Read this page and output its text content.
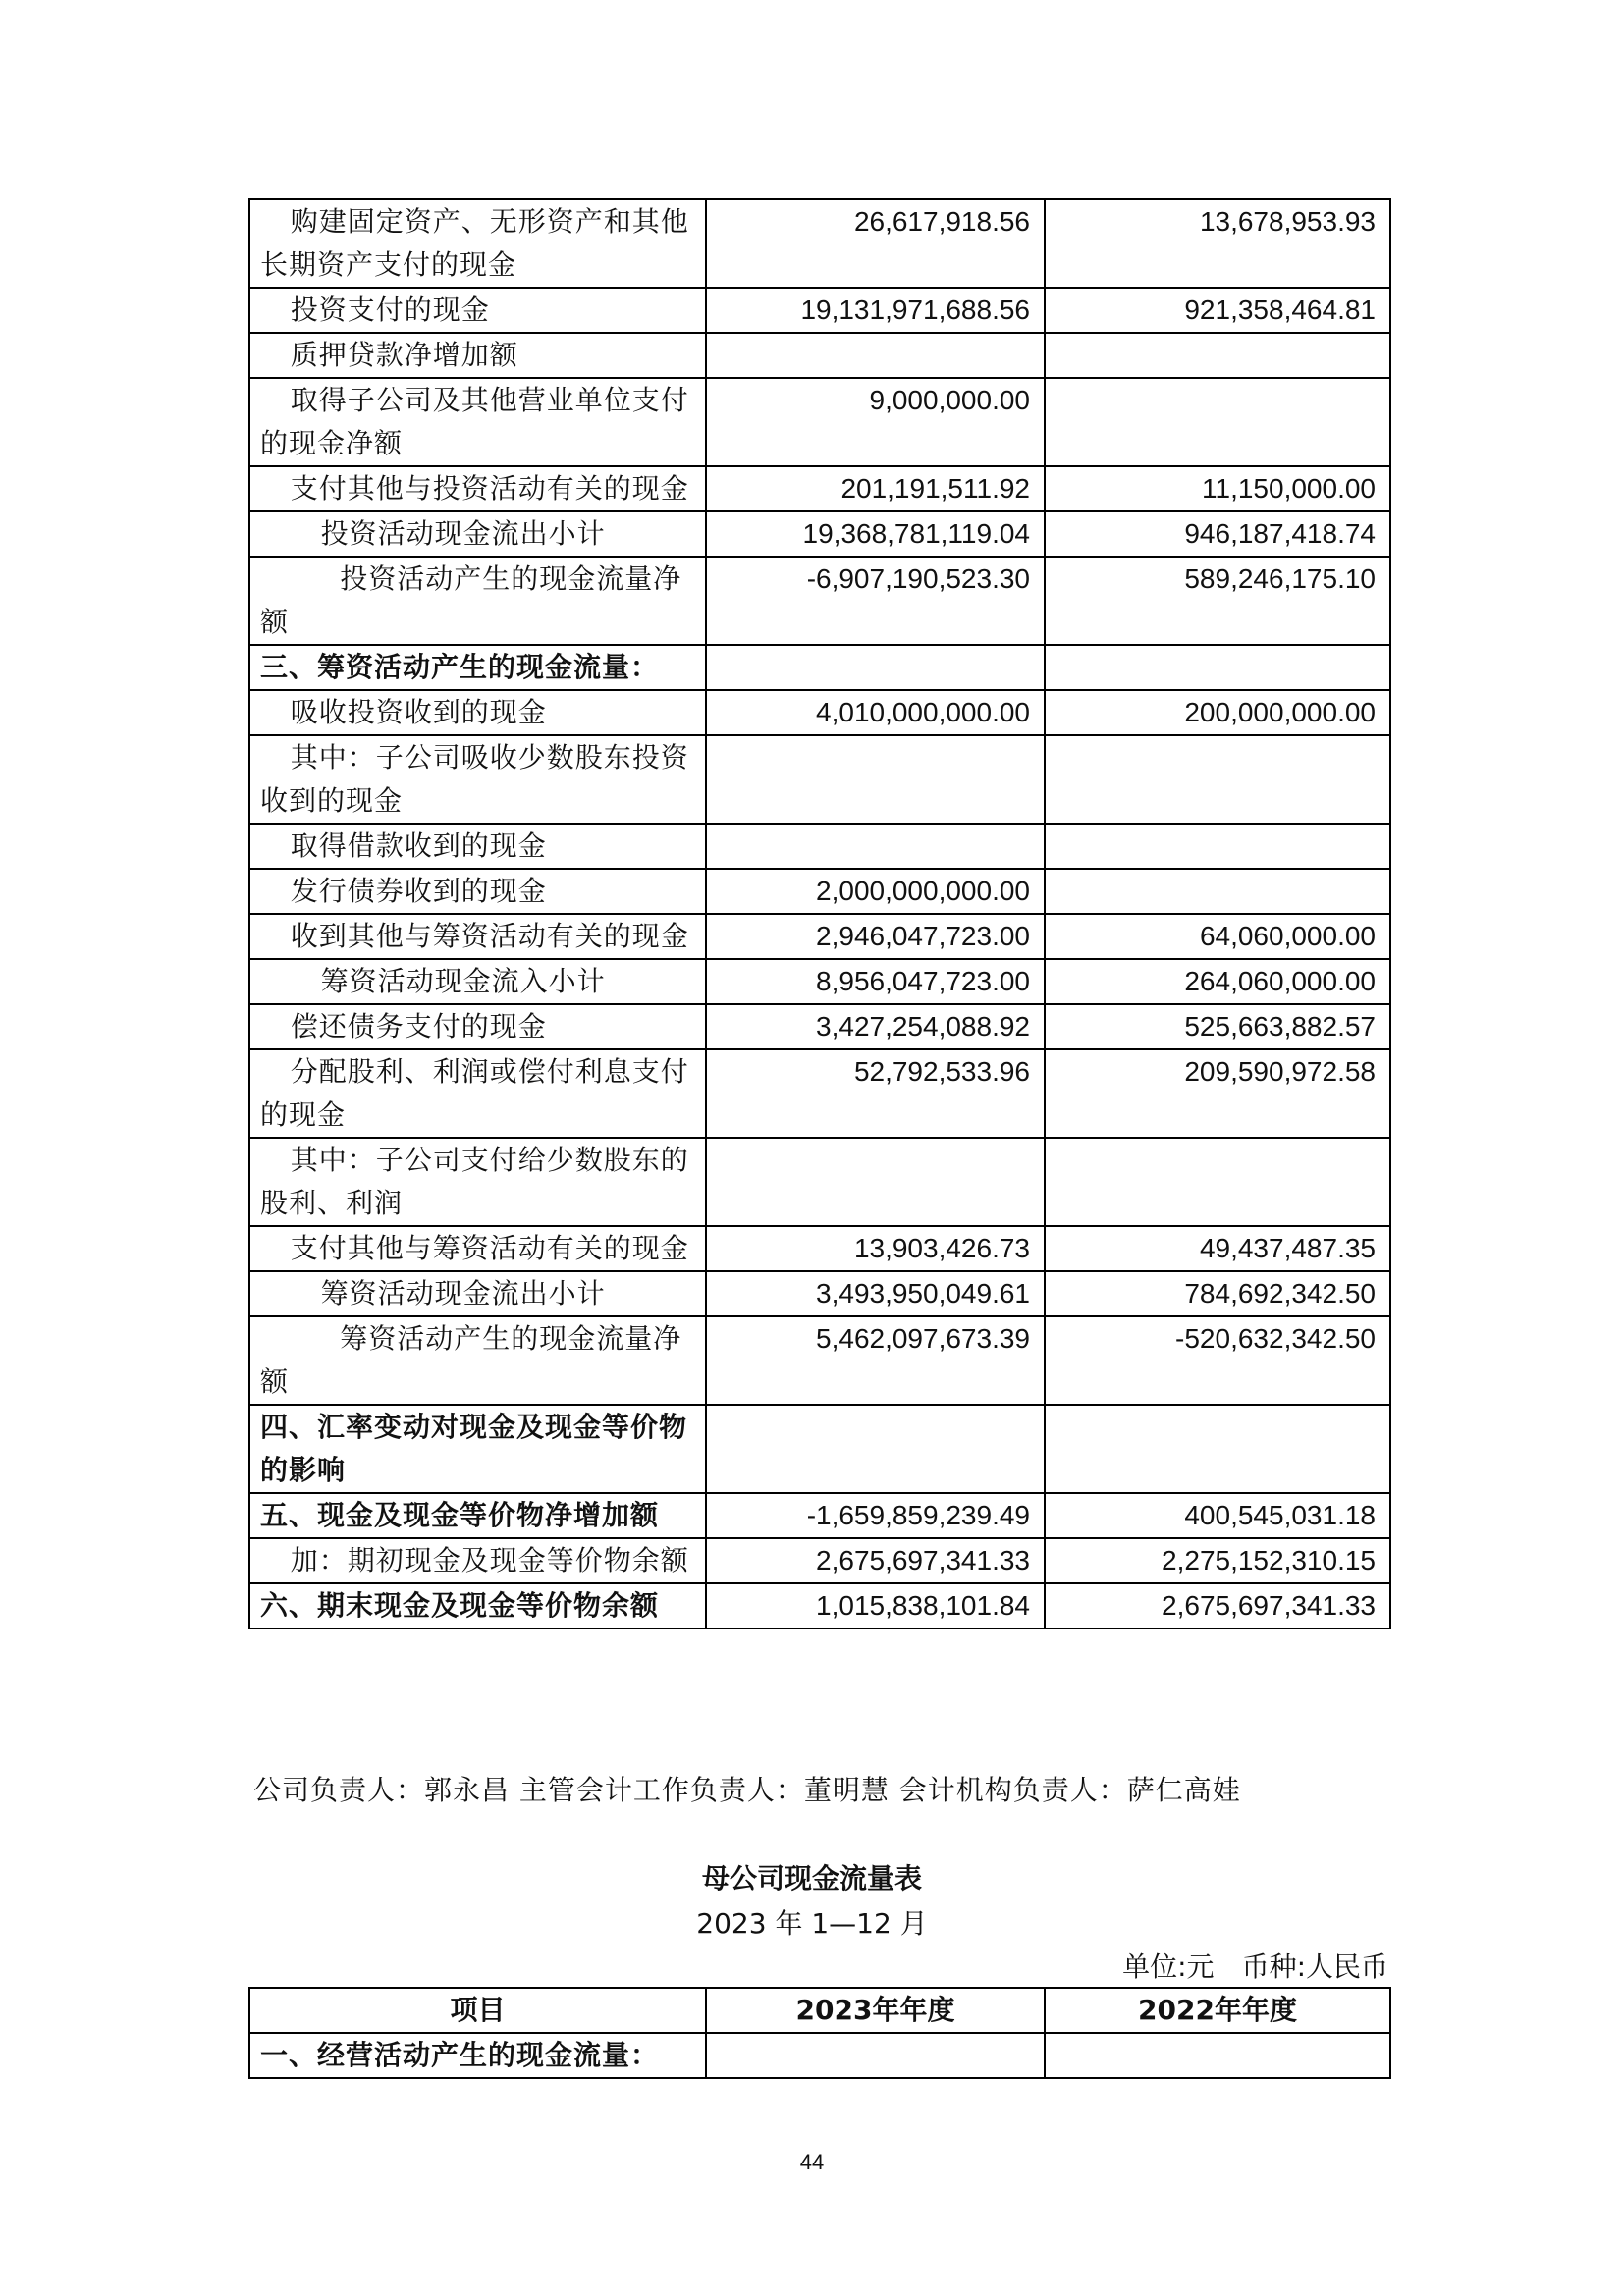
购建固定资产、无形资产和其他长期资产支付的现金	26,617,918.56	13,678,953.93
投资支付的现金	19,131,971,688.56	921,358,464.81
质押贷款净增加额		
取得子公司及其他营业单位支付的现金净额	9,000,000.00	
支付其他与投资活动有关的现金	201,191,511.92	11,150,000.00
投资活动现金流出小计	19,368,781,119.04	946,187,418.74
投资活动产生的现金流量净额	-6,907,190,523.30	589,246,175.10
三、筹资活动产生的现金流量：		
吸收投资收到的现金	4,010,000,000.00	200,000,000.00
其中：子公司吸收少数股东投资收到的现金		
取得借款收到的现金		
发行债券收到的现金	2,000,000,000.00	
收到其他与筹资活动有关的现金	2,946,047,723.00	64,060,000.00
筹资活动现金流入小计	8,956,047,723.00	264,060,000.00
偿还债务支付的现金	3,427,254,088.92	525,663,882.57
分配股利、利润或偿付利息支付的现金	52,792,533.96	209,590,972.58
其中：子公司支付给少数股东的股利、利润		
支付其他与筹资活动有关的现金	13,903,426.73	49,437,487.35
筹资活动现金流出小计	3,493,950,049.61	784,692,342.50
筹资活动产生的现金流量净额	5,462,097,673.39	-520,632,342.50
四、汇率变动对现金及现金等价物的影响		
五、现金及现金等价物净增加额	-1,659,859,239.49	400,545,031.18
加：期初现金及现金等价物余额	2,675,697,341.33	2,275,152,310.15
六、期末现金及现金等价物余额	1,015,838,101.84	2,675,697,341.33
公司负责人：郭永昌 主管会计工作负责人：董明慧 会计机构负责人：萨仁高娃
母公司现金流量表
2023 年 1—12 月
单位:元 币种:人民币
项目	2023年年度	2022年年度
一、经营活动产生的现金流量：		
44
